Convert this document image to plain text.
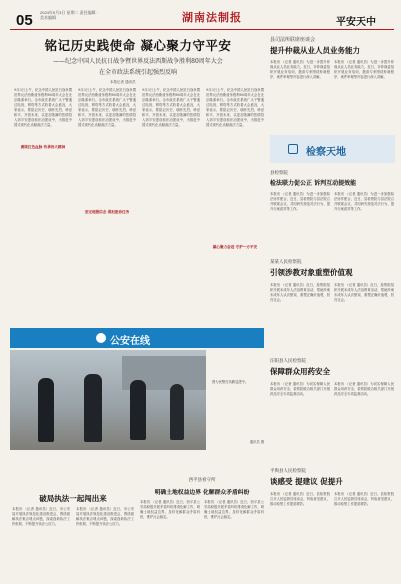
05 2024年9月3日 星期二 责任编辑 · 美术编辑	湖南法制报	平安天中
铭记历史践使命 凝心聚力守平安
——纪念中国人民抗日战争暨世界反法西斯战争胜利80周年大会
在全市政法系统引起强烈反响
本报记者 通讯员
9月3日上午，纪念中国人民抗日战争暨世界反法西斯战争胜利80周年大会在北京隆重举行。全市政法系统广大干警通过电视、网络等方式收看大会盛况，大家表示，要铭记历史、缅怀先烈，珍爱和平、开创未来，以更加饱满的热情投入到平安建设和法治建设中，为推进中国式现代化贡献政法力量。
赓续红色血脉 传承伟大精神
9月3日上午，纪念中国人民抗日战争暨世界反法西斯战争胜利80周年大会在北京隆重举行。全市政法系统广大干警通过电视、网络等方式收看大会盛况，大家表示，要铭记历史、缅怀先烈，珍爱和平、开创未来，以更加饱满的热情投入到平安建设和法治建设中，为推进中国式现代化贡献政法力量。
坚定理想信念 勇担使命任务
9月3日上午，纪念中国人民抗日战争暨世界反法西斯战争胜利80周年大会在北京隆重举行。全市政法系统广大干警通过电视、网络等方式收看大会盛况，大家表示，要铭记历史、缅怀先烈，珍爱和平、开创未来，以更加饱满的热情投入到平安建设和法治建设中，为推进中国式现代化贡献政法力量。
凝心聚力奋进 守护一方平安
9月3日上午，纪念中国人民抗日战争暨世界反法西斯战争胜利80周年大会在北京隆重举行。全市政法系统广大干警通过电视、网络等方式收看大会盛况，大家表示，要铭记历史、缅怀先烈，珍爱和平、开创未来，以更加饱满的热情投入到平安建设和法治建设中，为推进中国式现代化贡献政法力量。
县司法所联席座谈会
提升仲裁从业人员业务能力
本报讯 （记者 通讯员）为进一步提升仲裁从业人员业务能力，近日，市仲裁委组织开展业务培训，邀请专家围绕仲裁程序、案件审理等内容进行深入讲解。
本报讯 （记者 通讯员）为进一步提升仲裁从业人员业务能力，近日，市仲裁委组织开展业务培训，邀请专家围绕仲裁程序、案件审理等内容进行深入讲解。
检察天地
县检察院
检法联力促公正 诉判互动提效能
本报讯 （记者 通讯员）为进一步加强检法协作配合，近日，县检察院与县法院召开联席会议，共同研究规范司法行为、提升办案质效等工作。
本报讯 （记者 通讯员）为进一步加强检法协作配合，近日，县检察院与县法院召开联席会议，共同研究规范司法行为、提升办案质效等工作。
某某人民检察院
引领涉教对象重塑价值观
本报讯 （记者 通讯员）近日，检察院组织开展未成年人法治教育活动，帮助涉案未成年人认识错误、重塑正确价值观，回归社会。
本报讯 （记者 通讯员）近日，检察院组织开展未成年人法治教育活动，帮助涉案未成年人认识错误、重塑正确价值观，回归社会。
汪阳县人民检察院
保障群众用药安全
本报讯 （记者 通讯员）为切实保障人民群众用药安全，检察院联合相关部门开展药品安全专项监督活动。
本报讯 （记者 通讯员）为切实保障人民群众用药安全，检察院联合相关部门开展药品安全专项监督活动。
平舆县人民检察院
谈感受 提建议 促提升
本报讯 （记者 通讯员）近日，县检察院召开人民监督员座谈会，听取意见建议，推动检察工作提质增效。
本报讯 （记者 通讯员）近日，县检察院召开人民监督员座谈会，听取意见建议，推动检察工作提质增效。
公安在线
图为民警在执勤巡逻中。
通讯员 摄
破局执法一起闯出来
本报讯 （记者 通讯员）近日，市公安局开展执法规范化建设推进会，围绕破解执法难点堵点问题，探索创新执法工作机制，不断提升执法公信力。
本报讯 （记者 通讯员）近日，市公安局开展执法规范化建设推进会，围绕破解执法难点堵点问题，探索创新执法工作机制，不断提升执法公信力。
西平县看守所
明确土地权益边界 化解群众矛盾纠纷
本报讯 （记者 通讯员）近日，西平县公安局积极开展矛盾纠纷排查化解工作，明确土地权益边界，及时化解群众矛盾纠纷，维护社会稳定。
本报讯 （记者 通讯员）近日，西平县公安局积极开展矛盾纠纷排查化解工作，明确土地权益边界，及时化解群众矛盾纠纷，维护社会稳定。
